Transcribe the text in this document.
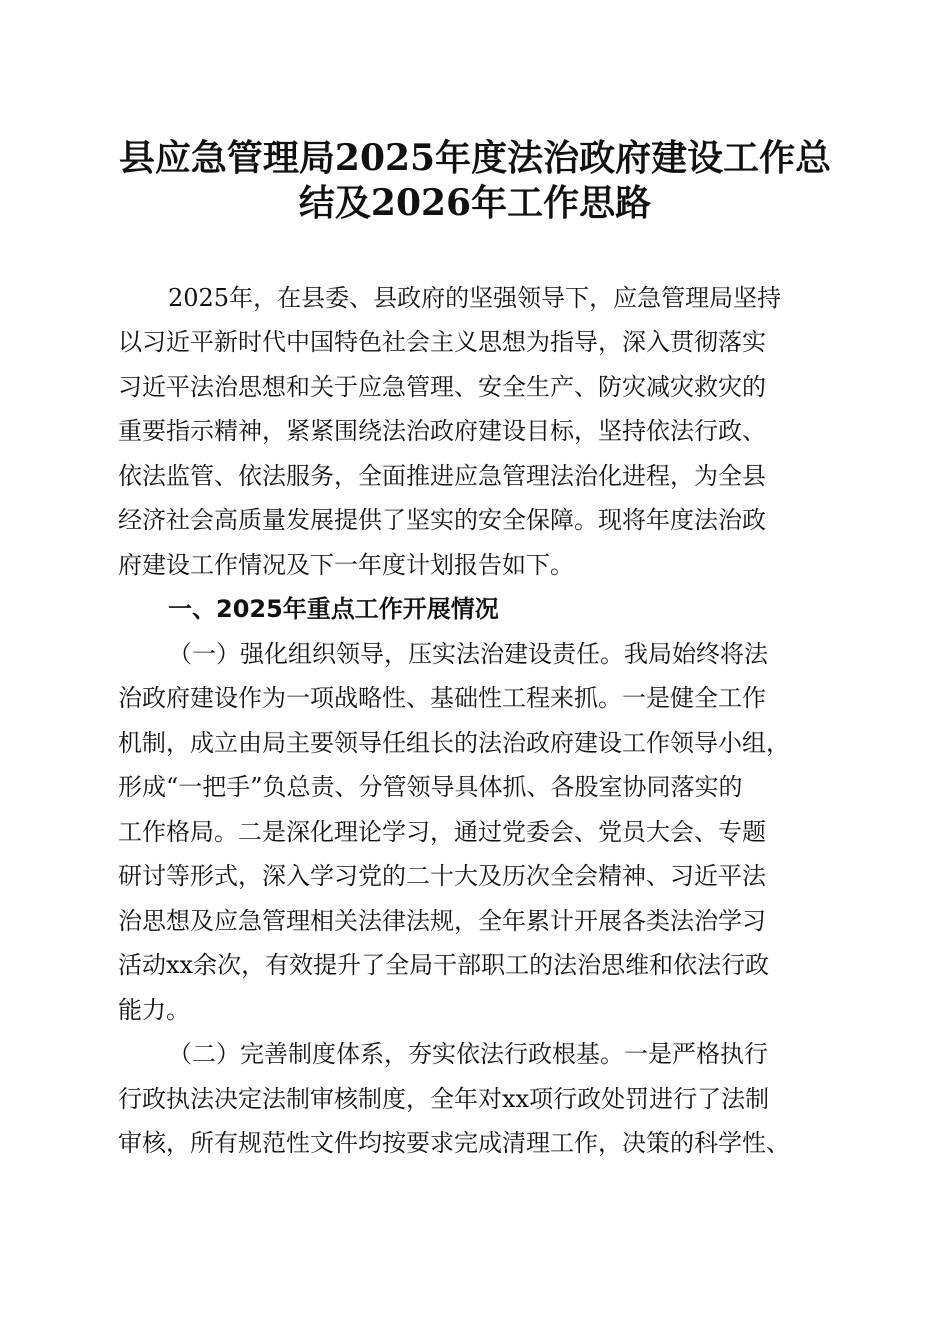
县应急管理局2025年度法治政府建设工作总
结及2026年工作思路
2025年，在县委、县政府的坚强领导下，应急管理局坚持
以习近平新时代中国特色社会主义思想为指导，深入贯彻落实
习近平法治思想和关于应急管理、安全生产、防灾减灾救灾的
重要指示精神，紧紧围绕法治政府建设目标，坚持依法行政、
依法监管、依法服务，全面推进应急管理法治化进程，为全县
经济社会高质量发展提供了坚实的安全保障。现将年度法治政
府建设工作情况及下一年度计划报告如下。
一、2025年重点工作开展情况
（一）强化组织领导，压实法治建设责任。我局始终将法
治政府建设作为一项战略性、基础性工程来抓。一是健全工作
机制，成立由局主要领导任组长的法治政府建设工作领导小组，
形成“一把手”负总责、分管领导具体抓、各股室协同落实的
工作格局。二是深化理论学习，通过党委会、党员大会、专题
研讨等形式，深入学习党的二十大及历次全会精神、习近平法
治思想及应急管理相关法律法规，全年累计开展各类法治学习
活动xx余次，有效提升了全局干部职工的法治思维和依法行政
能力。
（二）完善制度体系，夯实依法行政根基。一是严格执行
行政执法决定法制审核制度，全年对xx项行政处罚进行了法制
审核，所有规范性文件均按要求完成清理工作，决策的科学性、
